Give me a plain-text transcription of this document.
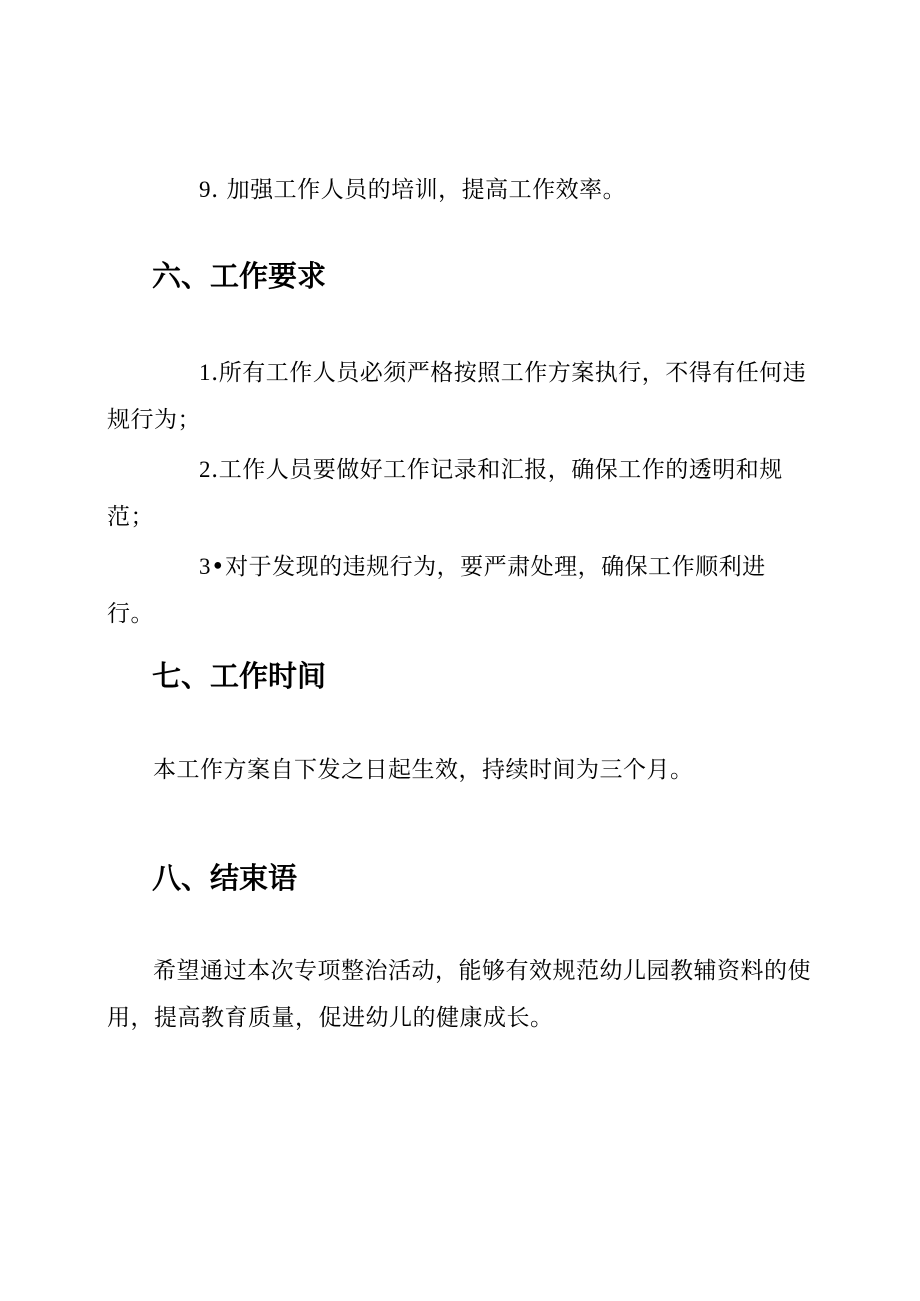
9. 加强工作人员的培训，提高工作效率。

六、工作要求

1.所有工作人员必须严格按照工作方案执行，不得有任何违规行为；

2.工作人员要做好工作记录和汇报，确保工作的透明和规范；

3•对于发现的违规行为，要严肃处理，确保工作顺利进行。

七、工作时间

本工作方案自下发之日起生效，持续时间为三个月。

八、结束语

希望通过本次专项整治活动，能够有效规范幼儿园教辅资料的使用，提高教育质量，促进幼儿的健康成长。
